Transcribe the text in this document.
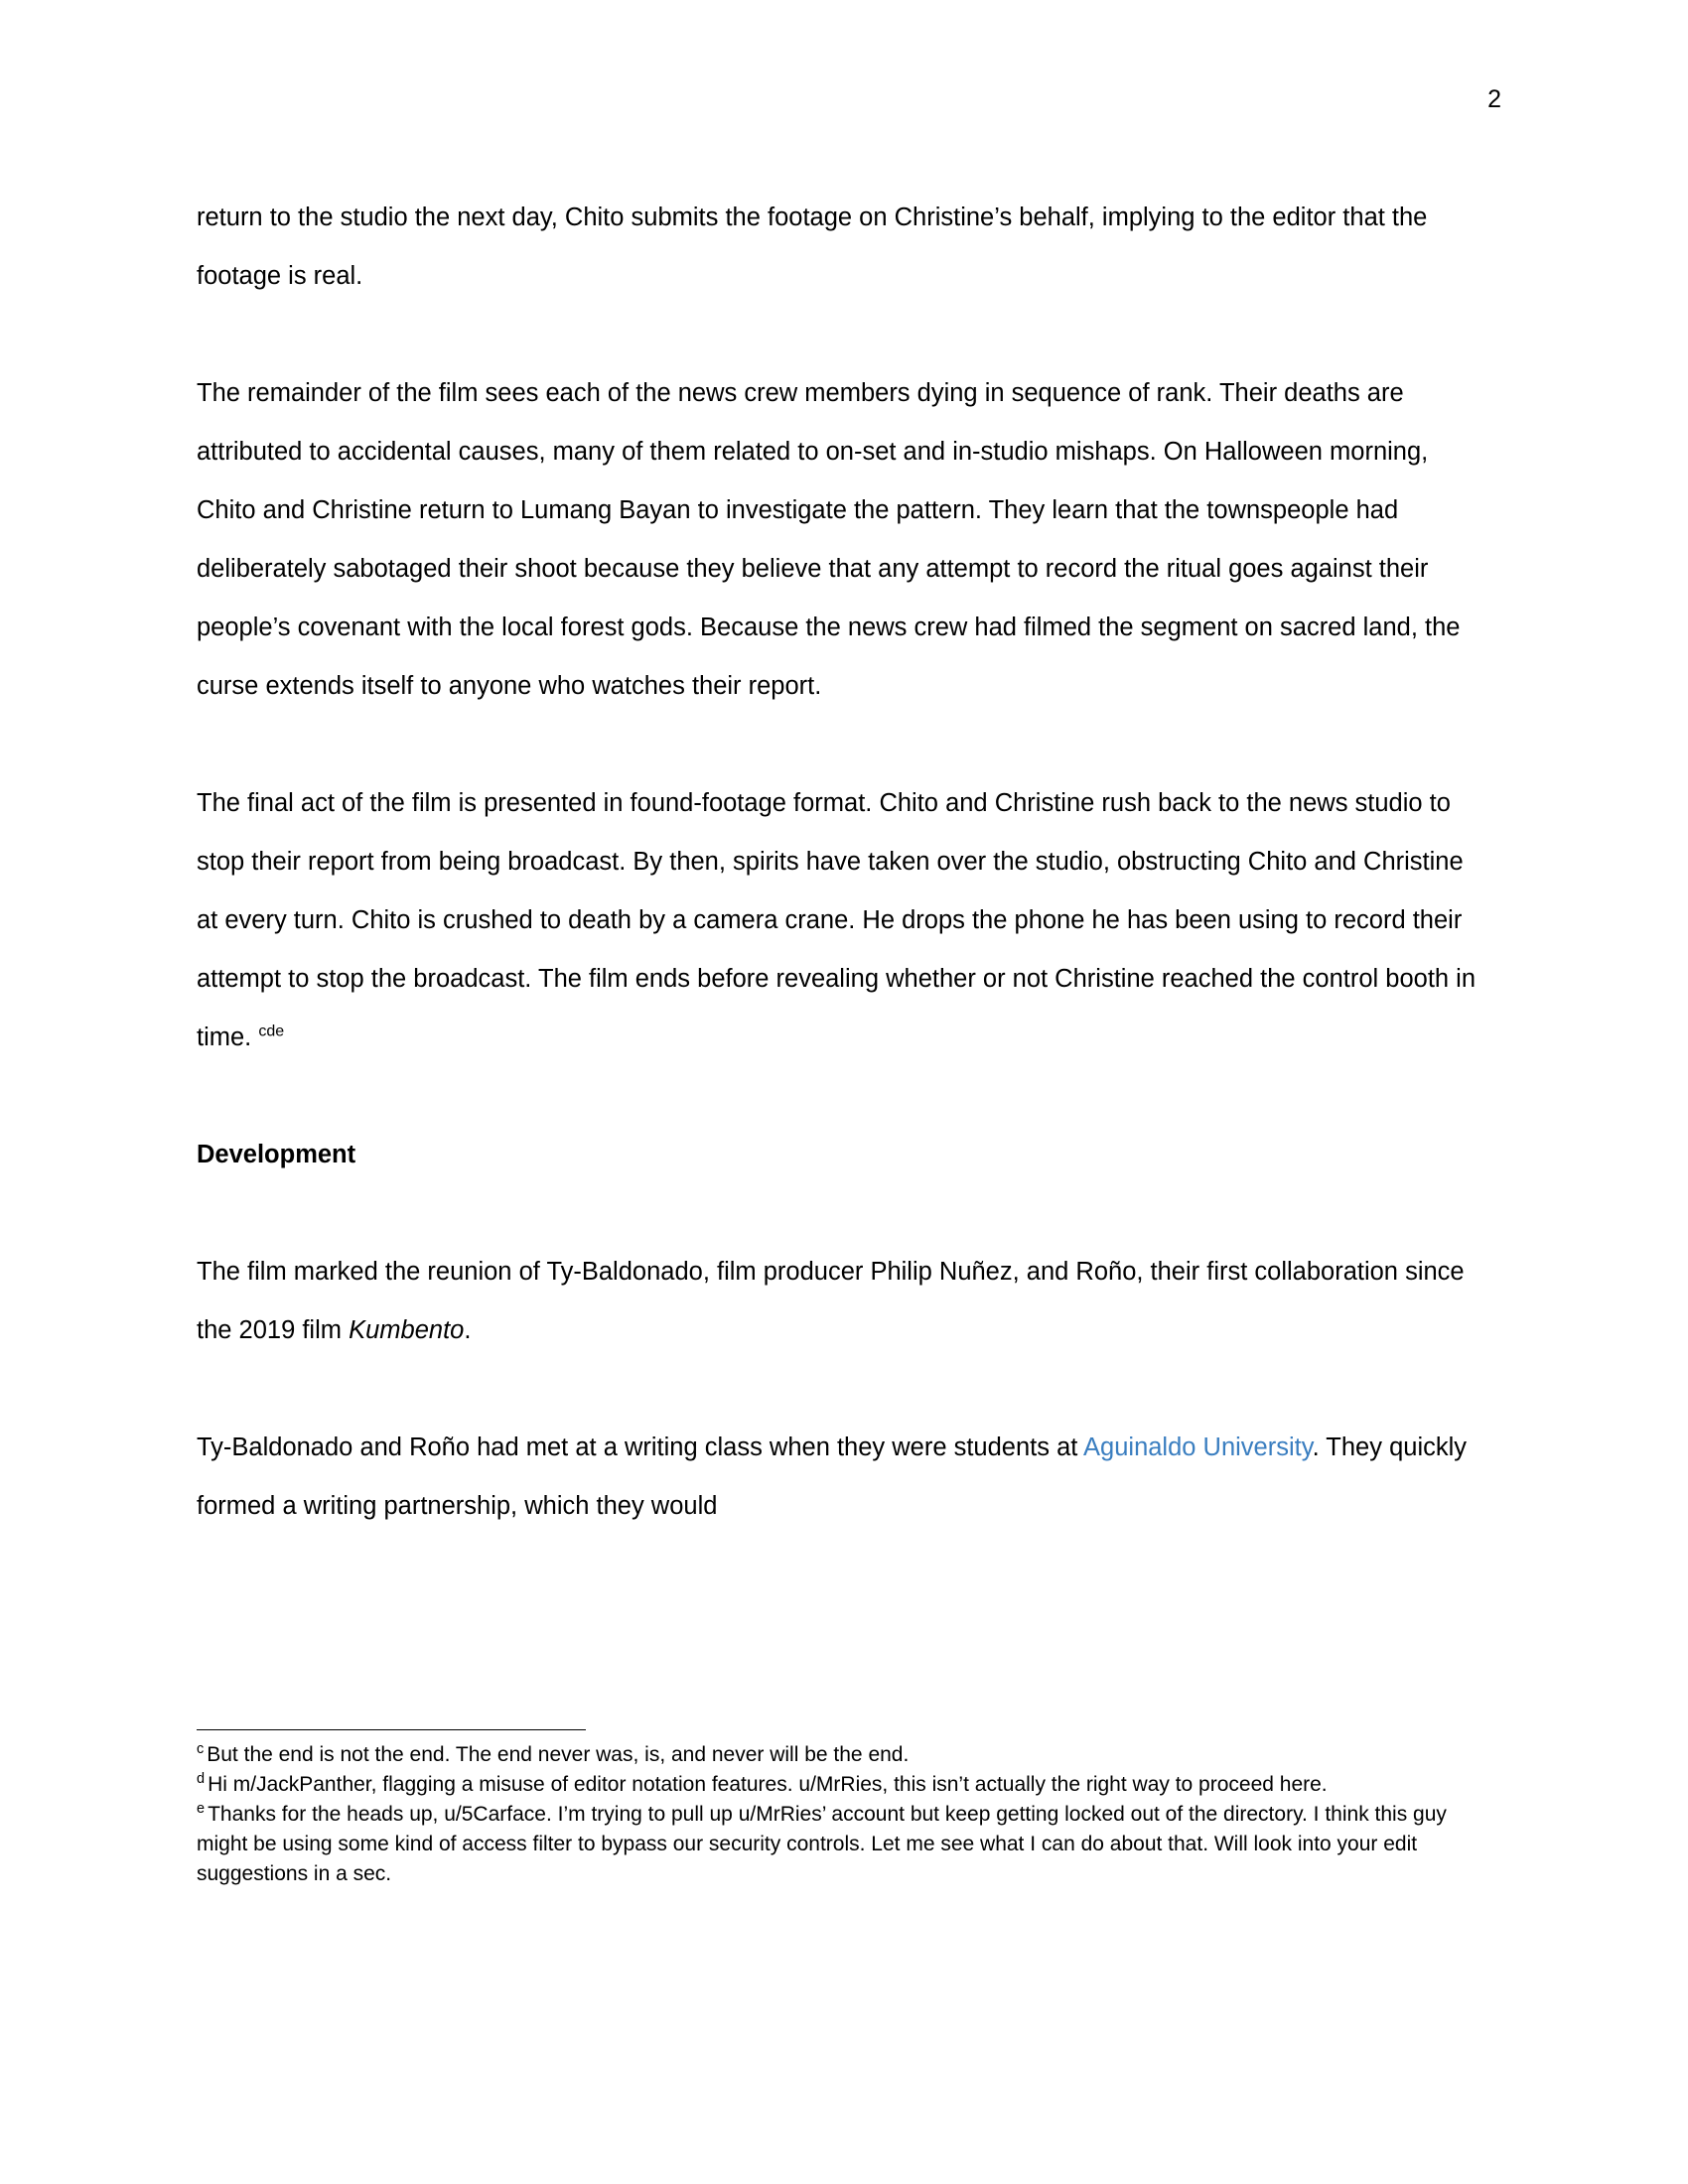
2

return to the studio the next day, Chito submits the footage on Christine’s behalf, implying to the editor that the footage is real.

The remainder of the film sees each of the news crew members dying in sequence of rank. Their deaths are attributed to accidental causes, many of them related to on-set and in-studio mishaps. On Halloween morning, Chito and Christine return to Lumang Bayan to investigate the pattern. They learn that the townspeople had deliberately sabotaged their shoot because they believe that any attempt to record the ritual goes against their people’s covenant with the local forest gods. Because the news crew had filmed the segment on sacred land, the curse extends itself to anyone who watches their report.

The final act of the film is presented in found-footage format. Chito and Christine rush back to the news studio to stop their report from being broadcast. By then, spirits have taken over the studio, obstructing Chito and Christine at every turn. Chito is crushed to death by a camera crane. He drops the phone he has been using to record their attempt to stop the broadcast. The film ends before revealing whether or not Christine reached the control booth in time. $^{cde}$

Development

The film marked the reunion of Ty-Baldonado, film producer Philip Nuñez, and Roño, their first collaboration since the 2019 film Kumbento.

Ty-Baldonado and Roño had met at a writing class when they were students at Aguinaldo University. They quickly formed a writing partnership, which they would

$^c$ But the end is not the end. The end never was, is, and never will be the end.

$^d$ Hi m/JackPanther, flagging a misuse of editor notation features. u/MrRies, this isn’t actually the right way to proceed here.

$^e$ Thanks for the heads up, u/5Carface. I’m trying to pull up u/MrRies’ account but keep getting locked out of the directory. I think this guy might be using some kind of access filter to bypass our security controls. Let me see what I can do about that. Will look into your edit suggestions in a sec.
